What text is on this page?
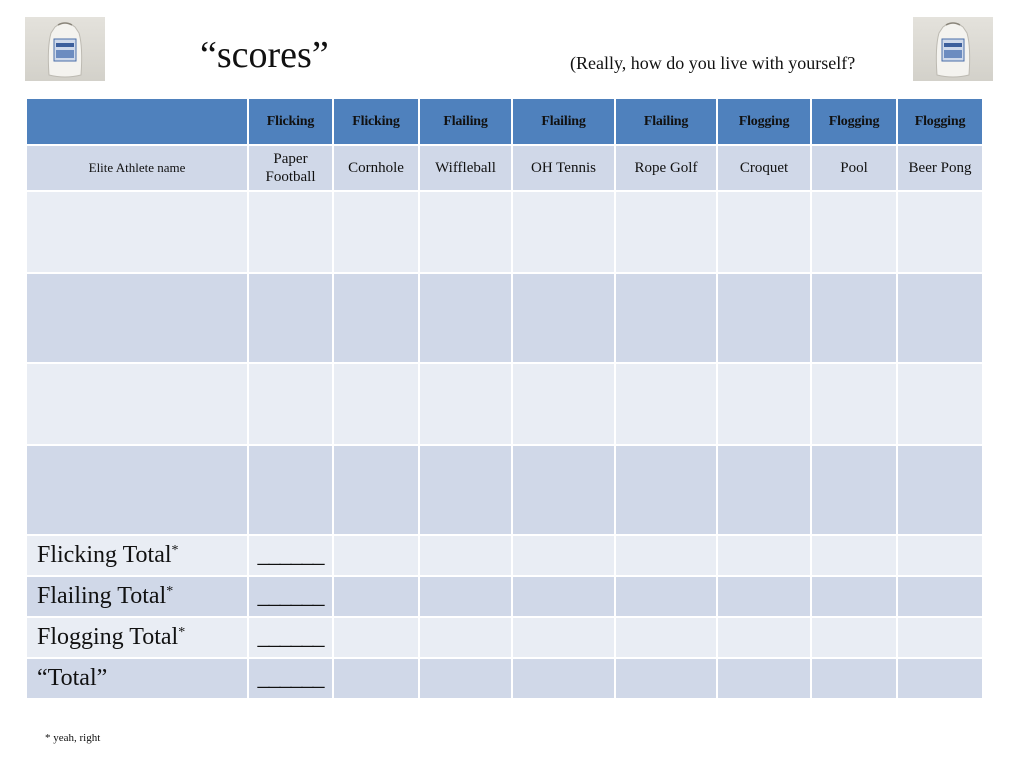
“scores”	(Really, how do you live with yourself?
	Flicking	Flicking	Flailing	Flailing	Flailing	Flogging	Flogging	Flogging
Elite Athlete name	Paper Football	Cornhole	Wiffleball	OH Tennis	Rope Golf	Croquet	Pool	Beer Pong

Flicking Total*	______							
Flailing Total*	______							
Flogging Total*	______							
“Total”	______							
* yeah, right
